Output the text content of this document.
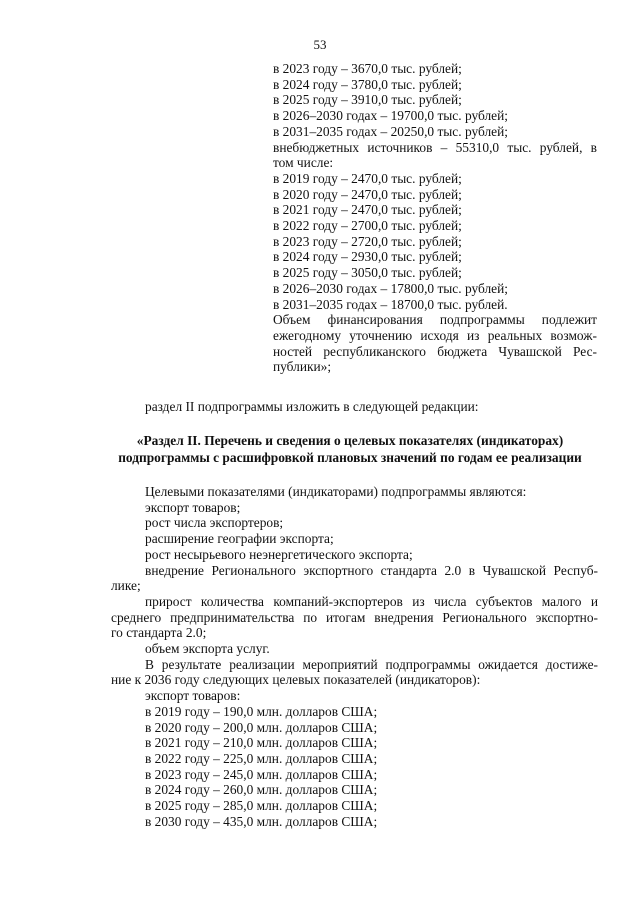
53
в 2023 году – 3670,0 тыс. рублей;
в 2024 году – 3780,0 тыс. рублей;
в 2025 году – 3910,0 тыс. рублей;
в 2026–2030 годах – 19700,0 тыс. рублей;
в 2031–2035 годах – 20250,0 тыс. рублей;
внебюджетных источников – 55310,0 тыс. рублей, в
том числе:
в 2019 году – 2470,0 тыс. рублей;
в 2020 году – 2470,0 тыс. рублей;
в 2021 году – 2470,0 тыс. рублей;
в 2022 году – 2700,0 тыс. рублей;
в 2023 году – 2720,0 тыс. рублей;
в 2024 году – 2930,0 тыс. рублей;
в 2025 году – 3050,0 тыс. рублей;
в 2026–2030 годах – 17800,0 тыс. рублей;
в 2031–2035 годах – 18700,0 тыс. рублей.
Объем финансирования подпрограммы подлежит
ежегодному уточнению исходя из реальных возмож-
ностей республиканского бюджета Чувашской Рес-
публики»;
раздел II подпрограммы изложить в следующей редакции:
«Раздел II. Перечень и сведения о целевых показателях (индикаторах)
подпрограммы с расшифровкой плановых значений по годам ее реализации
Целевыми показателями (индикаторами) подпрограммы являются:
экспорт товаров;
рост числа экспортеров;
расширение географии экспорта;
рост несырьевого неэнергетического экспорта;
внедрение Регионального экспортного стандарта 2.0 в Чувашской Респуб-
лике;
прирост количества компаний-экспортеров из числа субъектов малого и
среднего предпринимательства по итогам внедрения Регионального экспортно-
го стандарта 2.0;
объем экспорта услуг.
В результате реализации мероприятий подпрограммы ожидается достиже-
ние к 2036 году следующих целевых показателей (индикаторов):
экспорт товаров:
в 2019 году – 190,0 млн. долларов США;
в 2020 году – 200,0 млн. долларов США;
в 2021 году – 210,0 млн. долларов США;
в 2022 году – 225,0 млн. долларов США;
в 2023 году – 245,0 млн. долларов США;
в 2024 году – 260,0 млн. долларов США;
в 2025 году – 285,0 млн. долларов США;
в 2030 году – 435,0 млн. долларов США;
